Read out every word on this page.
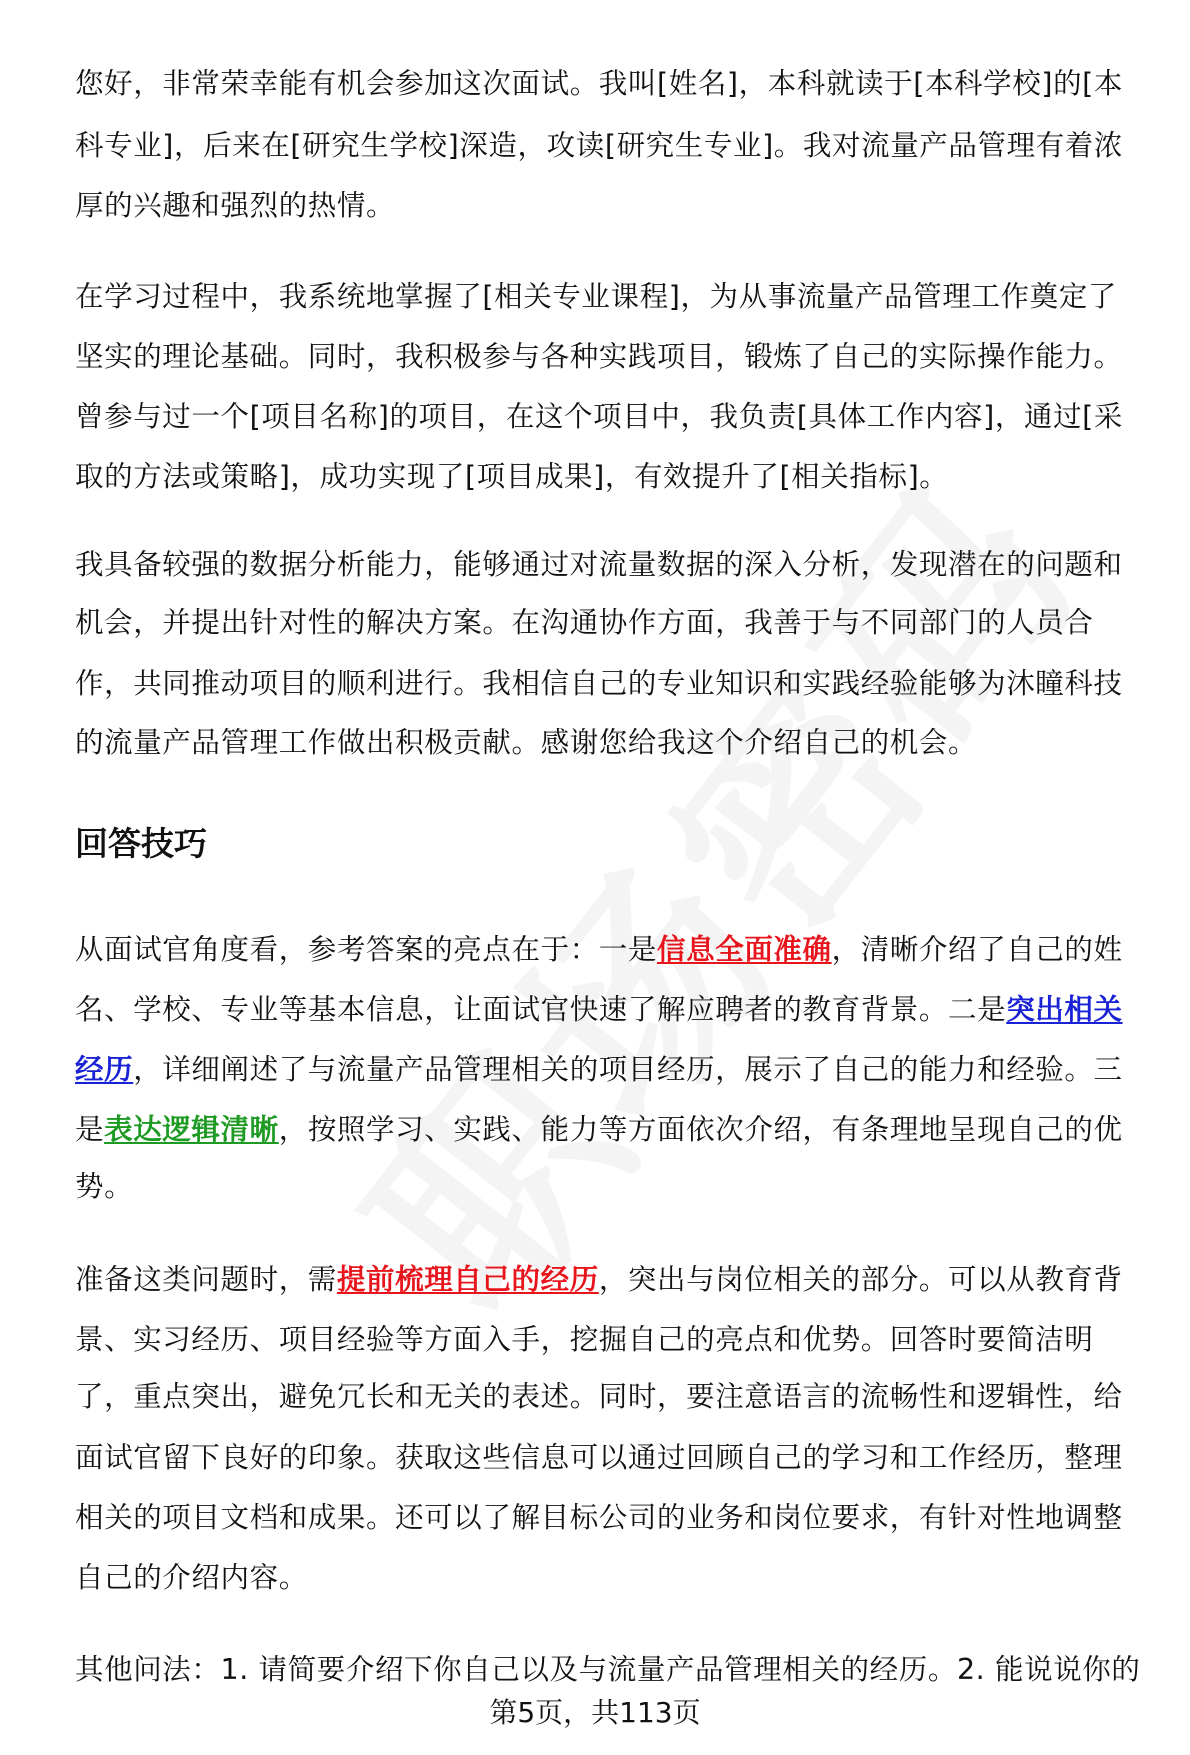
您好，非常荣幸能有机会参加这次面试。我叫[姓名]，本科就读于[本科学校]的[本
科专业]，后来在[研究生学校]深造，攻读[研究生专业]。我对流量产品管理有着浓
厚的兴趣和强烈的热情。
在学习过程中，我系统地掌握了[相关专业课程]，为从事流量产品管理工作奠定了
坚实的理论基础。同时，我积极参与各种实践项目，锻炼了自己的实际操作能力。
曾参与过一个[项目名称]的项目，在这个项目中，我负责[具体工作内容]，通过[采
取的方法或策略]，成功实现了[项目成果]，有效提升了[相关指标]。
我具备较强的数据分析能力，能够通过对流量数据的深入分析，发现潜在的问题和
机会，并提出针对性的解决方案。在沟通协作方面，我善于与不同部门的人员合
作，共同推动项目的顺利进行。我相信自己的专业知识和实践经验能够为沐瞳科技
的流量产品管理工作做出积极贡献。感谢您给我这个介绍自己的机会。
回答技巧
从面试官角度看，参考答案的亮点在于：一是信息全面准确，清晰介绍了自己的姓
名、学校、专业等基本信息，让面试官快速了解应聘者的教育背景。二是突出相关
经历，详细阐述了与流量产品管理相关的项目经历，展示了自己的能力和经验。三
是表达逻辑清晰，按照学习、实践、能力等方面依次介绍，有条理地呈现自己的优
势。
准备这类问题时，需提前梳理自己的经历，突出与岗位相关的部分。可以从教育背
景、实习经历、项目经验等方面入手，挖掘自己的亮点和优势。回答时要简洁明
了，重点突出，避免冗长和无关的表述。同时，要注意语言的流畅性和逻辑性，给
面试官留下良好的印象。获取这些信息可以通过回顾自己的学习和工作经历，整理
相关的项目文档和成果。还可以了解目标公司的业务和岗位要求，有针对性地调整
自己的介绍内容。
其他问法：1. 请简要介绍下你自己以及与流量产品管理相关的经历。2. 能说说你的
第5页，共113页
